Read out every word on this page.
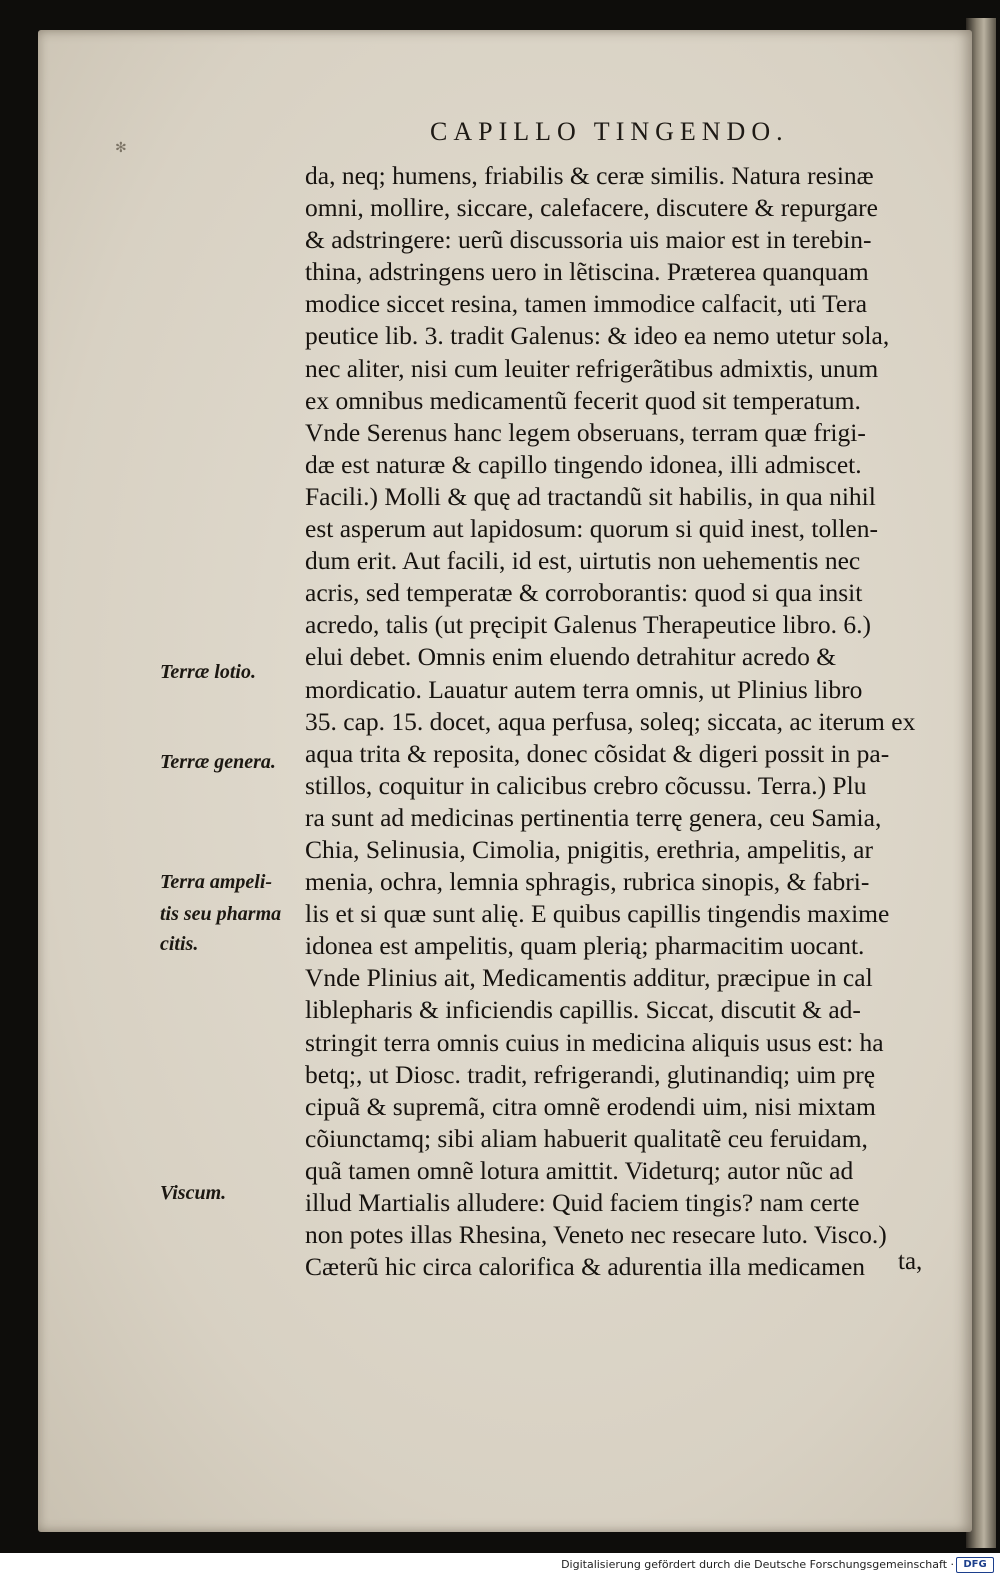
✻
CAPILLO TINGENDO.
da, neq; humens, friabilis & ceræ similis. Natura resinæ
omni, mollire, siccare, calefacere, discutere & repurgare
& adstringere: uerũ discussoria uis maior est in terebin-
thina, adstringens uero in lẽtiscina. Præterea quanquam
modice siccet resina, tamen immodice calfacit, uti Tera
peutice lib. 3. tradit Galenus: & ideo ea nemo utetur sola,
nec aliter, nisi cum leuiter refrigerãtibus admixtis, unum
ex omnibus medicamentũ fecerit quod sit temperatum.
Vnde Serenus hanc legem obseruans, terram quæ frigi-
dæ est naturæ & capillo tingendo idonea, illi admiscet.
Facili.) Molli & quę ad tractandũ sit habilis, in qua nihil
est asperum aut lapidosum: quorum si quid inest, tollen-
dum erit. Aut facili, id est, uirtutis non uehementis nec
acris, sed temperatæ & corroborantis: quod si qua insit
acredo, talis (ut pręcipit Galenus Therapeutice libro. 6.)
elui debet. Omnis enim eluendo detrahitur acredo &
mordicatio. Lauatur autem terra omnis, ut Plinius libro
35. cap. 15. docet, aqua perfusa, soleq; siccata, ac iterum ex
aqua trita & reposita, donec cõsidat & digeri possit in pa-
stillos, coquitur in calicibus crebro cõcussu. Terra.) Plu
ra sunt ad medicinas pertinentia terrę genera, ceu Samia,
Chia, Selinusia, Cimolia, pnigitis, erethria, ampelitis, ar
menia, ochra, lemnia sphragis, rubrica sinopis, & fabri-
lis et si quæ sunt alię. E quibus capillis tingendis maxime
idonea est ampelitis, quam plerią; pharmacitim uocant.
Vnde Plinius ait, Medicamentis additur, præcipue in cal
liblepharis & inficiendis capillis. Siccat, discutit & ad-
stringit terra omnis cuius in medicina aliquis usus est: ha
betq;, ut Diosc. tradit, refrigerandi, glutinandiq; uim prę
cipuã & supremã, citra omnẽ erodendi uim, nisi mixtam
cõiunctamq; sibi aliam habuerit qualitatẽ ceu feruidam,
quã tamen omnẽ lotura amittit. Videturq; autor nũc ad
illud Martialis alludere: Quid faciem tingis? nam certe
non potes illas Rhesina, Veneto nec resecare luto. Visco.)
Cæterũ hic circa calorifica & adurentia illa medicamen
Terræ lotio.
Terræ genera.
Terra ampeli-
tis seu pharma
citis.
Viscum.
ta,
Digitalisierung gefördert durch die Deutsche Forschungsgemeinschaft · DFG
